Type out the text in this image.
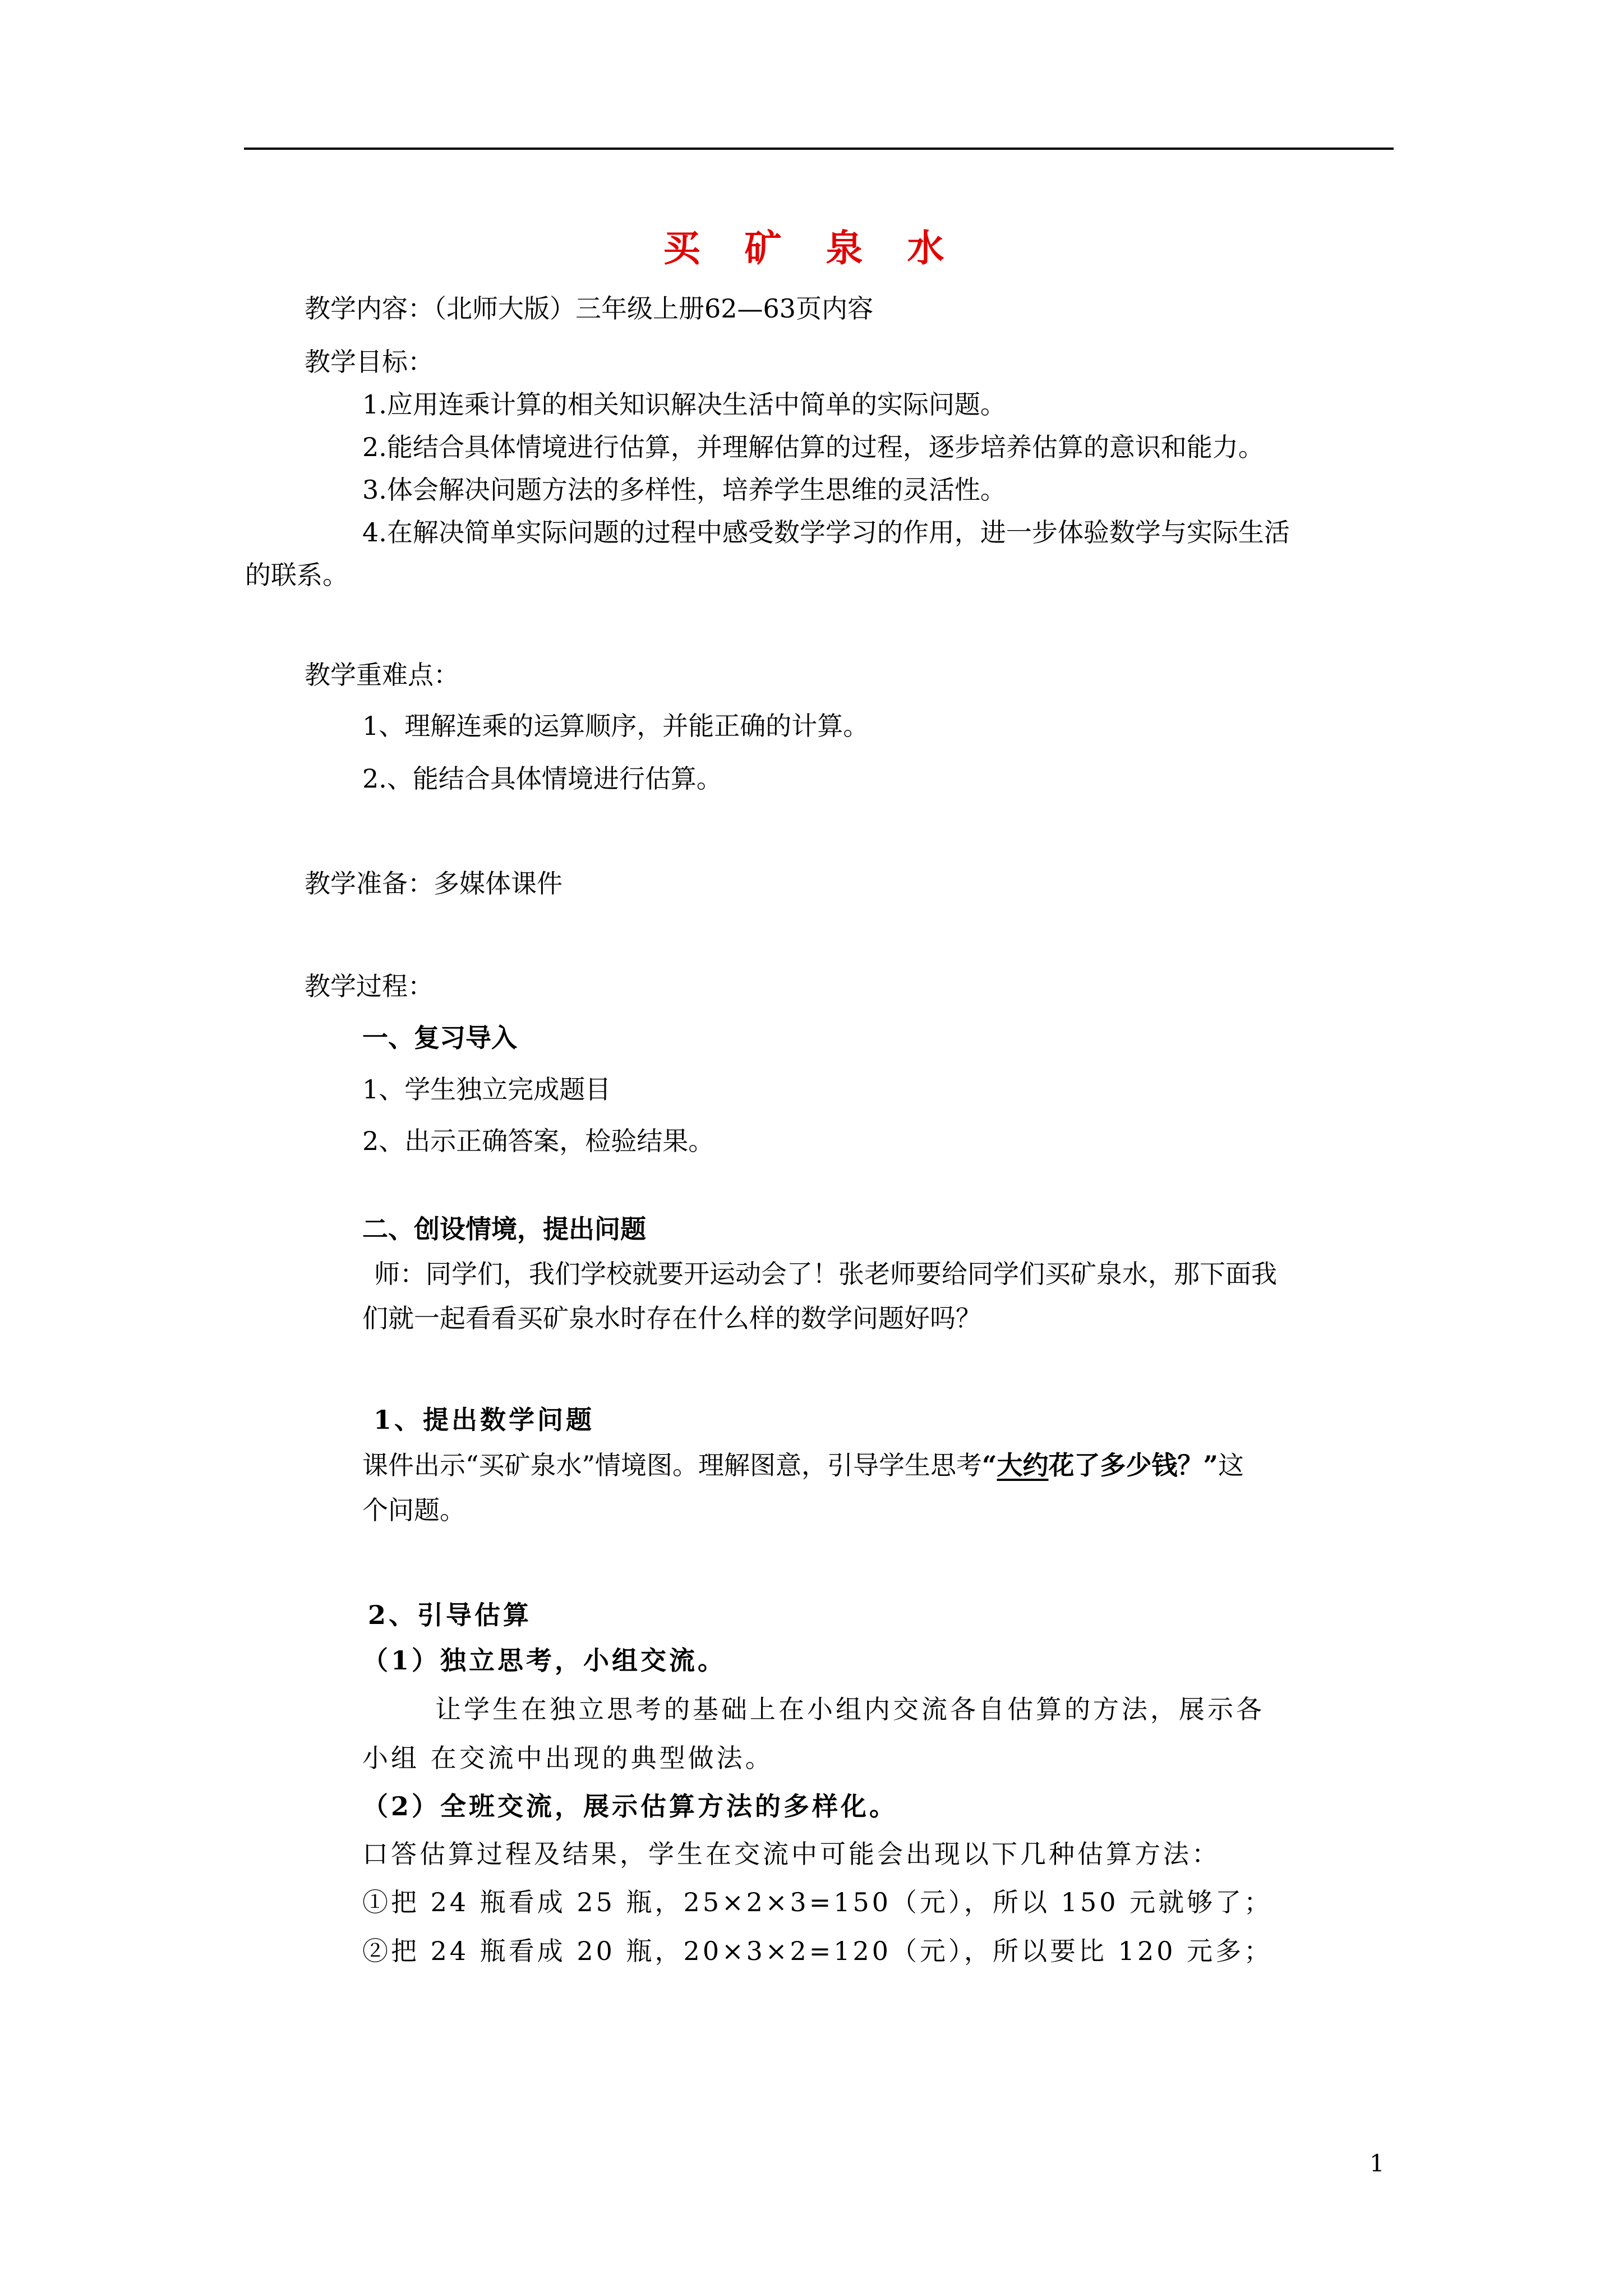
买 矿 泉 水
教学内容：（北师大版）三年级上册62—63页内容
教学目标：
1.应用连乘计算的相关知识解决生活中简单的实际问题。
2.能结合具体情境进行估算，并理解估算的过程，逐步培养估算的意识和能力。
3.体会解决问题方法的多样性，培养学生思维的灵活性。
4.在解决简单实际问题的过程中感受数学学习的作用，进一步体验数学与实际生活
的联系。
教学重难点：
1、理解连乘的运算顺序，并能正确的计算。
2.、能结合具体情境进行估算。
教学准备：多媒体课件
教学过程：
一、复习导入
1、学生独立完成题目
2、出示正确答案，检验结果。
二、创设情境，提出问题
师：同学们，我们学校就要开运动会了！张老师要给同学们买矿泉水，那下面我
们就一起看看买矿泉水时存在什么样的数学问题好吗？
1、提出数学问题
课件出示“买矿泉水”情境图。理解图意，引导学生思考“大约花了多少钱？”这
个问题。
2、引导估算
（1）独立思考，小组交流。
让学生在独立思考的基础上在小组内交流各自估算的方法，展示各
小组 在交流中出现的典型做法。
（2）全班交流，展示估算方法的多样化。
口答估算过程及结果，学生在交流中可能会出现以下几种估算方法：
①把 24 瓶看成 25 瓶，25×2×3=150（元），所以 150 元就够了；
②把 24 瓶看成 20 瓶，20×3×2=120（元），所以要比 120 元多；
1
